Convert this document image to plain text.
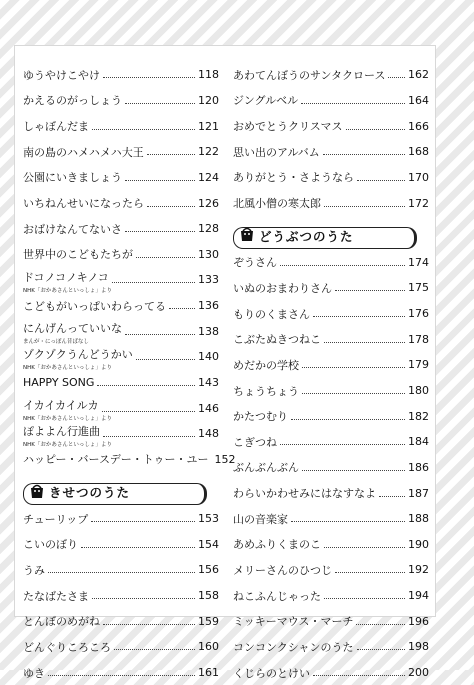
ゆうやけこやけ	118
かえるのがっしょう	120
しゃぼんだま	121
南の島のハメハメハ大王	122
公園にいきましょう	124
いちねんせいになったら	126
おばけなんてないさ	128
世界中のこどもたちが	130
ドコノコノキノコ	133
NHK「おかあさんといっしょ」より
こどもがいっぱいわらってる	136
にんげんっていいな	138
まんが・にっぽん昔ばなし
ゾクゾクうんどうかい	140
NHK「おかあさんといっしょ」より
HAPPY SONG	143
イカイカイルカ	146
NHK「おかあさんといっしょ」より
ぽよよん行進曲	148
NHK「おかあさんといっしょ」より
ハッピー・バースデー・トゥー・ユー 152
きせつのうた
チューリップ	153
こいのぼり	154
うみ	156
たなばたさま	158
とんぼのめがね	159
どんぐりころころ	160
ゆき	161
あわてんぼうのサンタクロース 162
ジングルベル	164
おめでとうクリスマス	166
思い出のアルバム	168
ありがとう・さようなら	170
北風小僧の寒太郎	172
どうぶつのうた
ぞうさん	174
いぬのおまわりさん	175
もりのくまさん	176
こぶたぬきつねこ	178
めだかの学校	179
ちょうちょう	180
かたつむり	182
こぎつね	184
ぶんぶんぶん	186
わらいかわせみにはなすなよ	187
山の音楽家	188
あめふりくまのこ	190
メリーさんのひつじ	192
ねこふんじゃった	194
ミッキーマウス・マーチ	196
コンコンクシャンのうた	198
くじらのとけい	200
